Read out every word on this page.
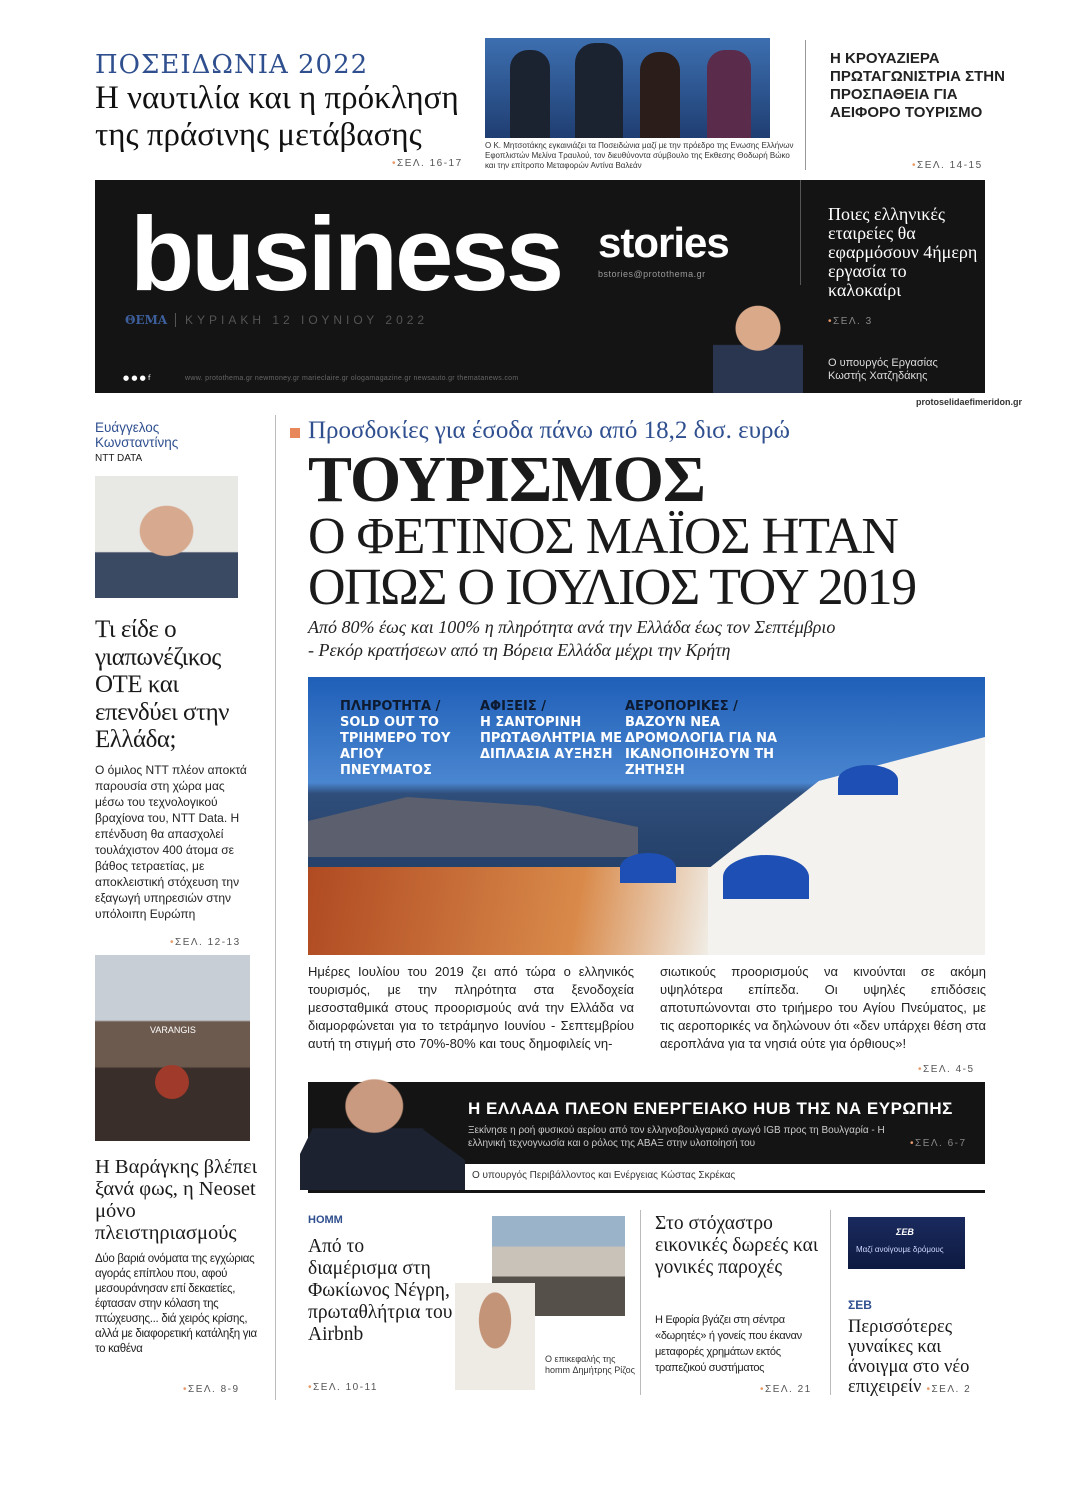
ΠΟΣΕΙΔΩΝΙΑ 2022
Η ναυτιλία και η πρόκληση της πράσινης μετάβασης
• ΣΕΛ. 16-17
Ο Κ. Μητσοτάκης εγκαινιάζει τα Ποσειδώνια μαζί με την πρόεδρο της Ενωσης Ελλήνων Εφοπλιστών Μελίνα Τραυλού, τον διευθύνοντα σύμβουλο της Εκθεσης Θοδωρή Βώκο και την επίτροπο Μεταφορών Αντίνα Βαλεάν
Η ΚΡΟΥΑΖΙΕΡΑ ΠΡΩΤΑΓΩΝΙΣΤΡΙΑ ΣΤΗΝ ΠΡΟΣΠΑΘΕΙΑ ΓΙΑ ΑΕΙΦΟΡΟ ΤΟΥΡΙΣΜΟ
• ΣΕΛ. 14-15
business stories
bstories@protothema.gr
ΘΕΜΑ	ΚΥΡΙΑΚΗ 12 ΙΟΥΝΙΟΥ 2022
● ● ● f	www. protothema.gr newmoney.gr marieclaire.gr ologamagazine.gr newsauto.gr thematanews.com
Ποιες ελληνικές εταιρείες θα εφαρμόσουν 4ήμερη εργασία το καλοκαίρι
• ΣΕΛ. 3
Ο υπουργός Εργασίας Κωστής Χατζηδάκης
protoselidaefimeridon.gr
Ευάγγελος Κωνσταντίνης
NTT DATA
Τι είδε ο γιαπωνέζικος ΟΤΕ και επενδύει στην Ελλάδα;
Ο όμιλος NTT πλέον αποκτά παρουσία στη χώρα μας μέσω του τεχνολογικού βραχίονα του, NTT Data. Η επένδυση θα απασχολεί τουλάχιστον 400 άτομα σε βάθος τετραετίας, με αποκλειστική στόχευση την εξαγωγή υπηρεσιών στην υπόλοιπη Ευρώπη
• ΣΕΛ. 12-13
VARANGIS
Η Βαράγκης βλέπει ξανά φως, η Neoset μόνο πλειστηριασμούς
Δύο βαριά ονόματα της εγχώριας αγοράς επίπλου που, αφού μεσουράνησαν επί δεκαετίες, έφτασαν στην κόλαση της πτώχευσης... διά χειρός κρίσης, αλλά με διαφορετική κατάληξη για το καθένα
• ΣΕΛ. 8-9
Προσδοκίες για έσοδα πάνω από 18,2 δισ. ευρώ
ΤΟΥΡΙΣΜΟΣ
Ο ΦΕΤΙΝΟΣ ΜΑΪΟΣ ΗΤΑΝ
ΟΠΩΣ Ο ΙΟΥΛΙΟΣ ΤΟΥ 2019
Από 80% έως και 100% η πληρότητα ανά την Ελλάδα έως τον Σεπτέμβριο
- Ρεκόρ κρατήσεων από τη Βόρεια Ελλάδα μέχρι την Κρήτη
ΠΛΗΡΟΤΗΤΑ /
SOLD OUT ΤΟ ΤΡΙΗΜΕΡΟ ΤΟΥ ΑΓΙΟΥ ΠΝΕΥΜΑΤΟΣ
ΑΦΙΞΕΙΣ /
Η ΣΑΝΤΟΡΙΝΗ ΠΡΩΤΑΘΛΗΤΡΙΑ ΜΕ ΔΙΠΛΑΣΙΑ ΑΥΞΗΣΗ
ΑΕΡΟΠΟΡΙΚΕΣ /
ΒΑΖΟΥΝ ΝΕΑ ΔΡΟΜΟΛΟΓΙΑ ΓΙΑ ΝΑ ΙΚΑΝΟΠΟΙΗΣΟΥΝ ΤΗ ΖΗΤΗΣΗ
Ημέρες Ιουλίου του 2019 ζει από τώρα ο ελληνικός τουρισμός, με την πληρότητα στα ξενοδοχεία μεσοσταθμικά στους προορισμούς ανά την Ελλάδα να διαμορφώνεται για το τετράμηνο Ιουνίου - Σεπτεμβρίου αυτή τη στιγμή στο 70%-80% και τους δημοφιλείς νη-
σιωτικούς προορισμούς να κινούνται σε ακόμη υψηλότερα επίπεδα. Οι υψηλές επιδόσεις αποτυπώνονται στο τριήμερο του Αγίου Πνεύματος, με τις αεροπορικές να δηλώνουν ότι «δεν υπάρχει θέση στα αεροπλάνα για τα νησιά ούτε για όρθιους»!
• ΣΕΛ. 4-5
Η ΕΛΛΑΔΑ ΠΛΕΟΝ ΕΝΕΡΓΕΙΑΚΟ HUB ΤΗΣ ΝΑ ΕΥΡΩΠΗΣ
Ξεκίνησε η ροή φυσικού αερίου από τον ελληνοβουλγαρικό αγωγό IGB προς τη Βουλγαρία - Η ελληνική τεχνογνωσία και ο ρόλος της ΑΒΑΞ στην υλοποίησή του	• ΣΕΛ. 6-7
Ο υπουργός Περιβάλλοντος και Ενέργειας Κώστας Σκρέκας
HOMM
Από το διαμέρισμα στη Φωκίωνος Νέγρη, πρωταθλήτρια του Airbnb
• ΣΕΛ. 10-11
Ο επικεφαλής της homm Δημήτρης Ρίζος
Στο στόχαστρο εικονικές δωρεές και γονικές παροχές
Η Εφορία βγάζει στη σέντρα «δωρητές» ή γονείς που έκαναν μεταφορές χρημάτων εκτός τραπεζικού συστήματος
• ΣΕΛ. 21
ΣΕΒ
Μαζί ανοίγουμε δρόμους
ΣΕΒ
Περισσότερες γυναίκες και άνοιγμα στο νέο επιχειρείν • ΣΕΛ. 2
